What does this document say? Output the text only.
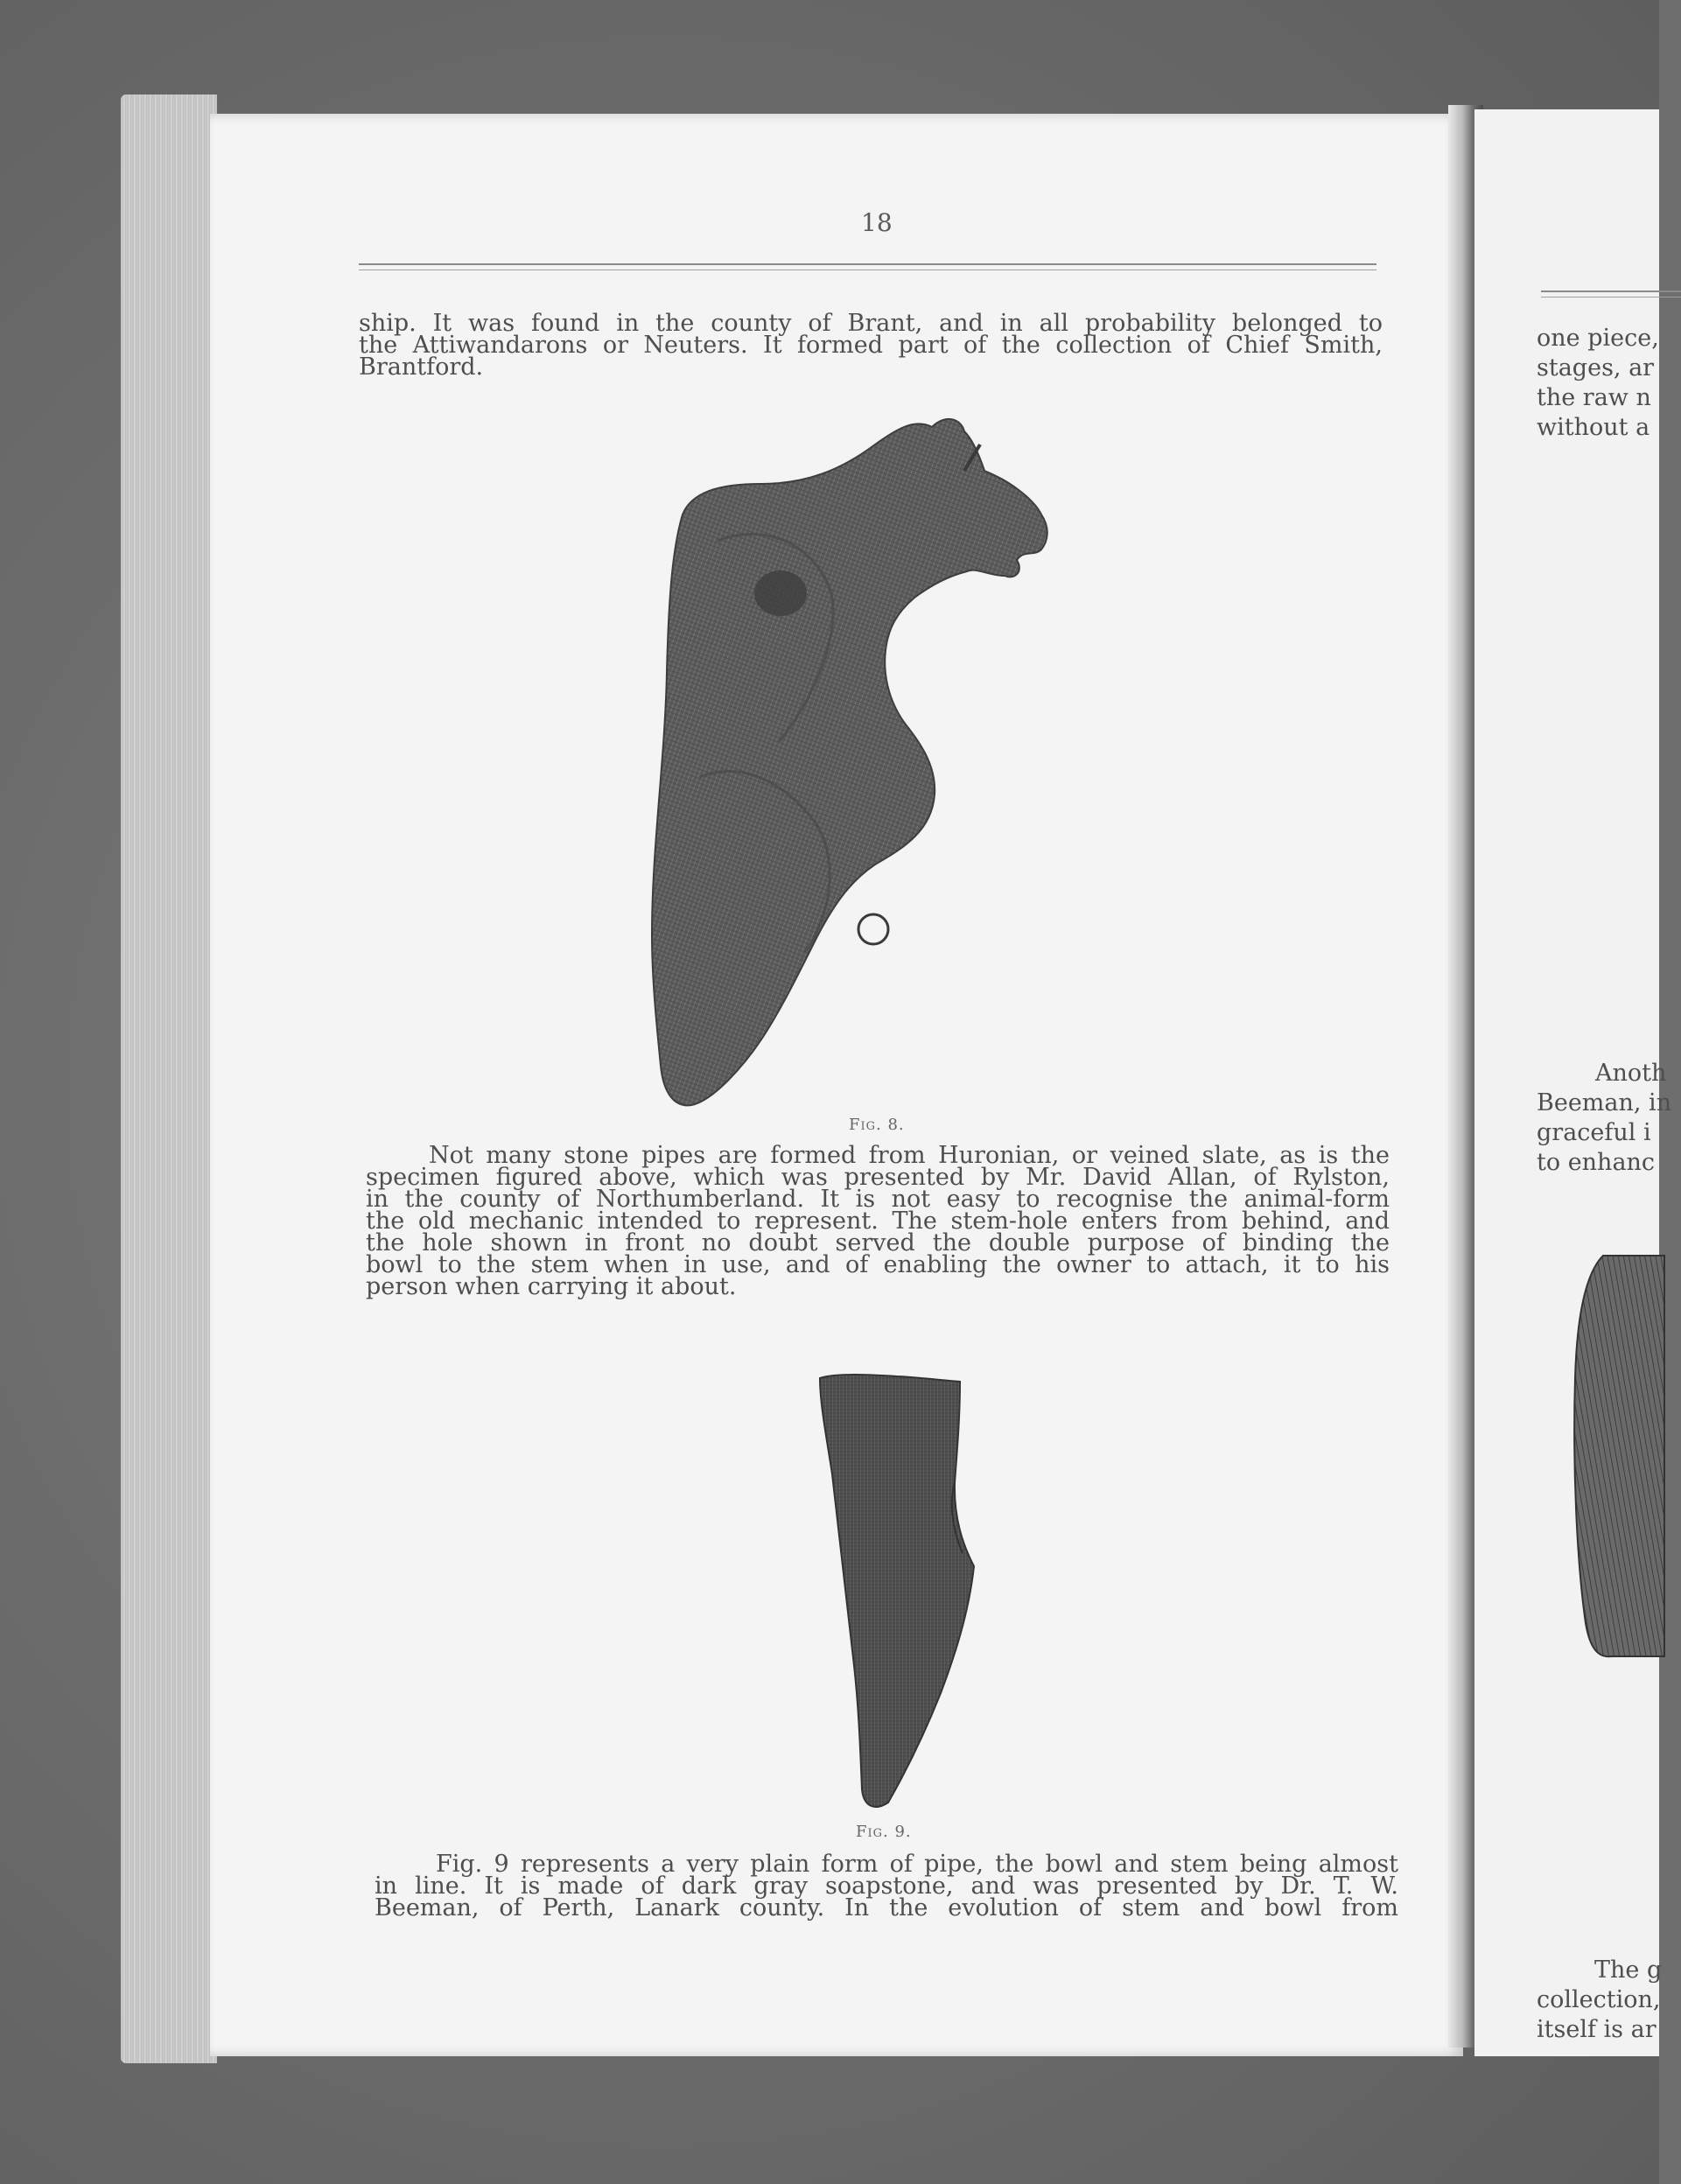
18
ship. It was found in the county of Brant, and in all probability belonged to
the Attiwandarons or Neuters. It formed part of the collection of Chief Smith,
Brantford.
Fig. 8.
Not many stone pipes are formed from Huronian, or veined slate, as is the
specimen figured above, which was presented by Mr. David Allan, of Rylston,
in the county of Northumberland. It is not easy to recognise the animal-form
the old mechanic intended to represent. The stem-hole enters from behind, and
the hole shown in front no doubt served the double purpose of binding the
bowl to the stem when in use, and of enabling the owner to attach, it to his
person when carrying it about.
Fig. 9.
Fig. 9 represents a very plain form of pipe, the bowl and stem being almost
in line. It is made of dark gray soapstone, and was presented by Dr. T. W.
Beeman, of Perth, Lanark county. In the evolution of stem and bowl from
one piece,
stages, ar
the raw n
without a
Anoth
Beeman, in
graceful i
to enhanc
The g
collection,
itself is ar
